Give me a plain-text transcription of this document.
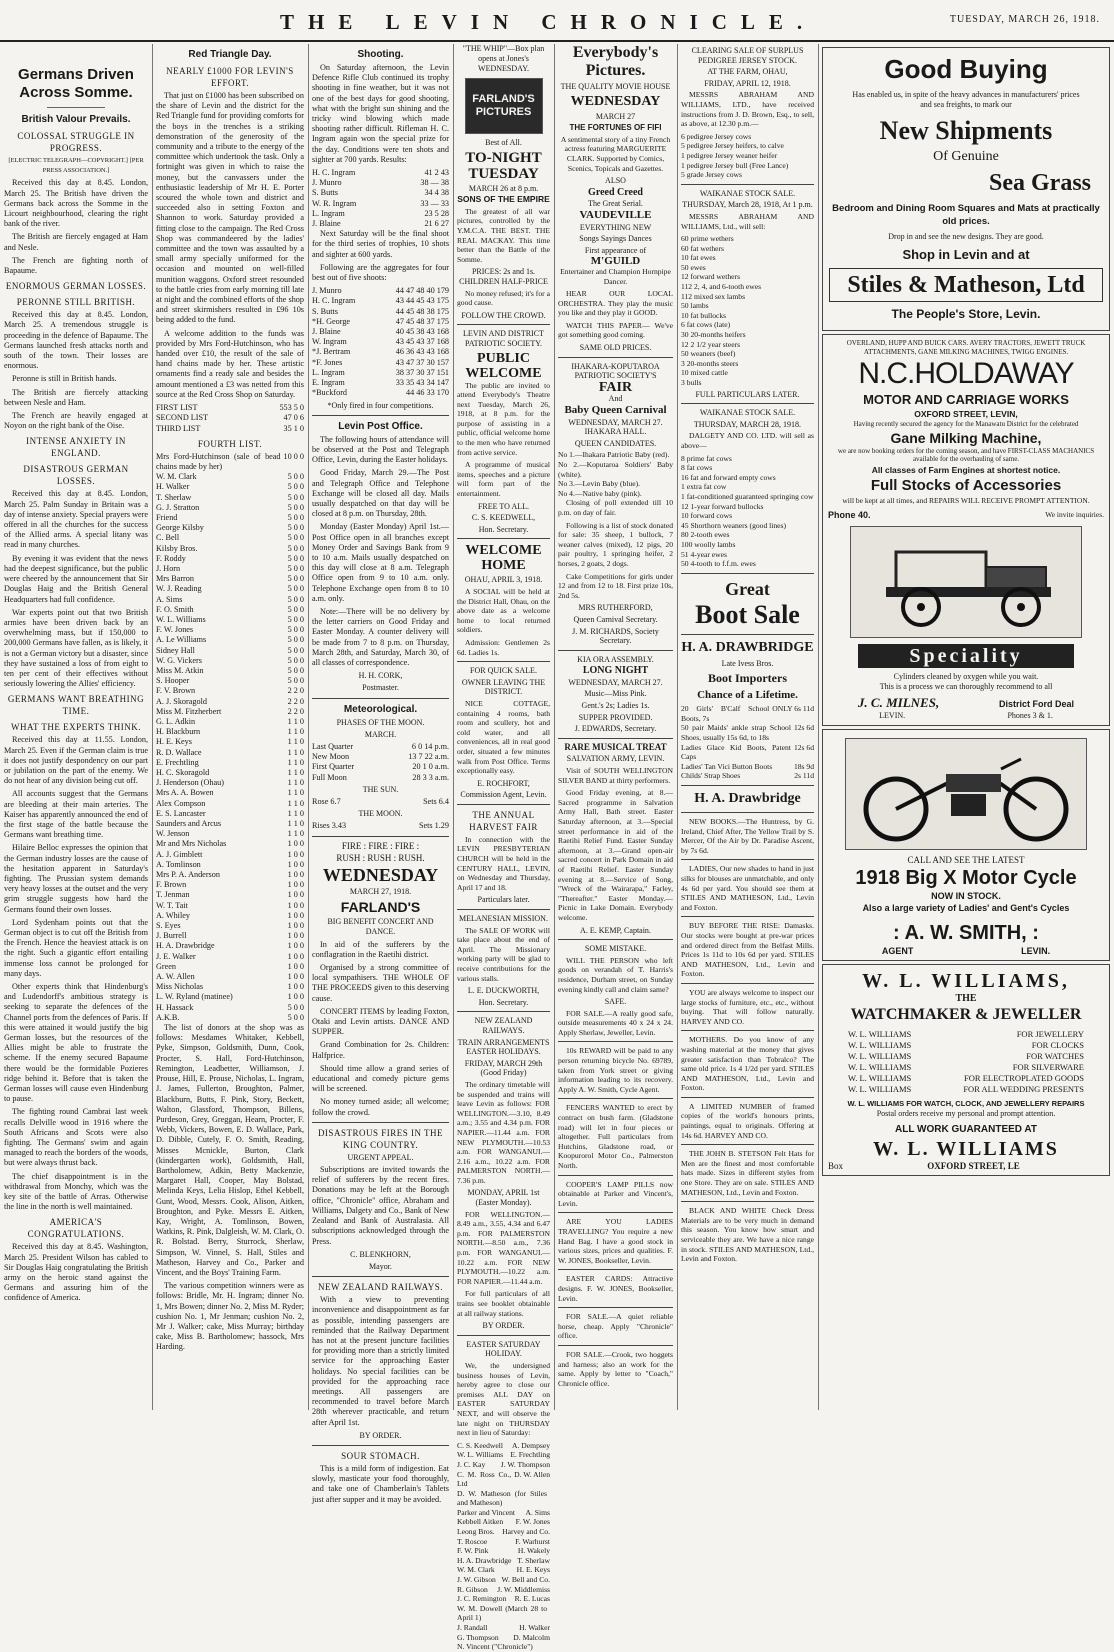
THE LEVIN CHRONICLE.	TUESDAY, MARCH 26, 1918.
Germans Driven Across Somme.
British Valour Prevails.
COLOSSAL STRUGGLE IN PROGRESS.
[ELECTRIC TELEGRAPH—COPYRIGHT.] [PER PRESS ASSOCIATION.]

Received this day at 8.45. London, March 25. The British have driven the Germans back across the Somme in the Licourt neighbourhood, clearing the right bank of the river.

The British are fiercely engaged at Ham and Nesle.

The French are fighting north of Bapaume.

ENORMOUS GERMAN LOSSES.
PERONNE STILL BRITISH.

Received this day at 8.45. London, March 25. A tremendous struggle is proceeding in the defence of Bapaume. The Germans launched fresh attacks north and south of the town. Their losses are enormous.

Peronne is still in British hands.

The British are fiercely attacking between Nesle and Ham.

The French are heavily engaged at Noyon on the right bank of the Oise.

INTENSE ANXIETY IN ENGLAND.
DISASTROUS GERMAN LOSSES.

Received this day at 8.45. London, March 25. Palm Sunday in Britain was a day of intense anxiety. Special prayers were offered in all the churches for the success of the Allied arms. A special litany was read in many churches.

By evening it was evident that the news had the deepest significance, but the public were cheered by the announcement that Sir Douglas Haig and the British General Headquarters had full confidence.

War experts point out that two British armies have been driven back by an overwhelming mass, but if 150,000 to 200,000 Germans have fallen, as is likely, it is not a German victory but a disaster, since they have sustained a loss of from eight to ten per cent of their effectives without seriously lowering the Allies' efficiency.

GERMANS WANT BREATHING TIME.
WHAT THE EXPERTS THINK.

Received this day at 11.55. London, March 25. Even if the German claim is true it does not justify despondency on our part or jubilation on the part of the enemy. We do not hear of any division being cut off.

All accounts suggest that the Germans are bleeding at their main arteries. The Kaiser has apparently announced the end of the first stage of the battle because the Germans want breathing time.

Hilaire Belloc expresses the opinion that the German industry losses are the cause of the hesitation apparent in Saturday's fighting. The Prussian system demands very heavy losses at the outset and the very grim struggle suggests how hard the Germans found their own losses.

Lord Sydenham points out that the German object is to cut off the British from the French. Hence the heaviest attack is on the right. Such a gigantic effort entailing immense loss cannot be prolonged for many days.

Other experts think that Hindenburg's and Ludendorff's ambitious strategy is seeking to separate the defences of the Channel ports from the defences of Paris. If this were attained it would justify the big German losses, but the resources of the Allies might be able to frustrate the scheme. If the enemy secured Bapaume there would be the formidable Pozieres ridge behind it. Before that is taken the German losses will cause even Hindenburg to pause.

The fighting round Cambrai last week recalls Delville wood in 1916 where the South Africans and Scots were also fighting. The Germans' swim and again managed to reach the borders of the woods, but were always thrust back.

The chief disappointment is in the withdrawal from Monchy, which was the key site of the battle of Arras. Otherwise the line in the north is well maintained.

AMERICA'S CONGRATULATIONS.

Received this day at 8.45. Washington, March 25. President Wilson has cabled to Sir Douglas Haig congratulating the British army on the heroic stand against the Germans and assuring him of the confidence of America.

Red Triangle Day.
NEARLY £1000 FOR LEVIN'S EFFORT.

That just on £1000 has been subscribed on the share of Levin and the district for the Red Triangle fund for providing comforts for the boys in the trenches is a striking demonstration of the generosity of the community and a tribute to the energy of the committee which undertook the task. Only a fortnight was given in which to raise the money, but the canvassers under the enthusiastic leadership of Mr H. E. Porter scoured the whole town and district and succeeded also in setting Foxton and Shannon to work. Saturday provided a fitting close to the campaign. The Red Cross Shop was commandeered by the ladies' committee and the town was assaulted by a small army specially uniformed for the occasion and mounted on well-filled munition waggons. Oxford street resounded to the battle cries from early morning till late at night and the combined efforts of the shop and street skirmishers resulted in £96 10s being added to the fund.

A welcome addition to the funds was provided by Mrs Ford-Hutchinson, who has handed over £10, the result of the sale of hand chains made by her. These artistic ornaments find a ready sale and besides the amount mentioned a £3 was netted from this source at the Red Cross Shop on Saturday.

FIRST LIST	553 5 0
SECOND LIST	47 0 6
THIRD LIST	35 1 0
FOURTH LIST.
Mrs Ford-Hutchinson (sale of bead chains made by her)
10 0 0
W. M. Clark	5 0 0
H. Walker	5 0 0
T. Sherlaw	5 0 0
G. J. Stratton	5 0 0
Friend	5 0 0
George Kilsby	5 0 0
C. Bell	5 0 0
Kilsby Bros.	5 0 0
F. Roddy	5 0 0
J. Horn	5 0 0
Mrs Barron	5 0 0
W. J. Reading	5 0 0
A. Sims	5 0 0
F. O. Smith	5 0 0
W. L. Williams	5 0 0
F. W. Jones	5 0 0
A. Le Williams	5 0 0
Sidney Hall	5 0 0
W. G. Vickers	5 0 0
Miss M. Atkin	5 0 0
S. Hooper	5 0 0
F. V. Brown	2 2 0
A. J. Skoragold	2 2 0
Miss M. Fitzherbert	2 2 0
G. L. Adkin	1 1 0
H. Blackburn	1 1 0
H. E. Keys	1 1 0
R. D. Wallace	1 1 0
E. Frechtling	1 1 0
H. C. Skoragold	1 1 0
J. Henderson (Ohau)	1 1 0
Mrs A. A. Bowen	1 1 0
Alex Compson	1 1 0
E. S. Lancaster	1 1 0
Saunders and Arcus	1 1 0
W. Jenson	1 1 0
Mr and Mrs Nicholas	1 0 0
A. J. Gimblett	1 0 0
A. Tomlinson	1 0 0
Mrs P. A. Anderson	1 0 0
F. Brown	1 0 0
T. Jenman	1 0 0
W. T. Tait	1 0 0
A. Whiley	1 0 0
S. Eyes	1 0 0
J. Burrell	1 0 0
H. A. Drawbridge	1 0 0
J. E. Walker	1 0 0
Green	1 0 0
A. W. Allen	1 0 0
Miss Nicholas	1 0 0
L. W. Ryland (matinee)	1 0 0
H. Hassack	5 0 0
A.K.B.	5 0 0

The list of donors at the shop was as follows: Mesdames Whitaker, Kebbell, Pyke, Simpson, Goldsmith, Dunn, Cook, Procter, S. Hall, Ford-Hutchinson, Remington, Leadbetter, Williamson, J. Prouse, Hill, E. Prouse, Nicholas, L. Ingram, J. James, Fullerton, Broughton, Palmer, Blackburn, Butts, F. Pink, Story, Beckett, Walton, Glassford, Thompson, Billens, Purdeson, Grey, Greggan, Hearn, Procter, F. Webb, Vickers, Bowen, E. D. Wallace, Park, D. Dibble, Cutely, F. O. Smith, Reading, Misses Mcnickle, Burton, Clark (kindergarten work), Goldsmith, Hall, Bartholomew, Adkin, Betty Mackenzie, Margaret Hall, Cooper, May Bolstad, Melinda Keys, Lelia Hislop, Ethel Kebbell, Gunt, Wood, Messrs. Cook, Alison, Aitken, Broughton, and Pyke. Messrs E. Aitken, Kay, Wright, A. Tomlinson, Bowen, Watkins, R. Pink, Dalgleish, W. M. Clark, O. R. Bolstad. Berry, Sturrock, Sherlaw, Simpson, W. Vinnel, S. Hall, Stiles and Matheson, Harvey and Co., Parker and Vincent, and the Boys' Training Farm.

The various competition winners were as follows: Bridle, Mr. H. Ingram; dinner No. 1, Mrs Bowen; dinner No. 2, Miss M. Ryder; cushion No. 1, Mr Jenman; cushion No. 2, Mr J. Walker; cake, Miss Murray; birthday cake, Miss B. Bartholomew; hassock, Mrs Harding.

Shooting.

On Saturday afternoon, the Levin Defence Rifle Club continued its trophy shooting in fine weather, but it was not one of the best days for good shooting, what with the bright sun shining and the tricky wind blowing which made shooting rather difficult. Rifleman H. C. Ingram again won the special prize for the day. Conditions were ten shots and sighter at 700 yards. Results:

H. C. Ingram	41 2 43
J. Munro	38 — 38
S. Butts	34 4 38
W. R. Ingram	33 — 33
L. Ingram	23 5 28
J. Blaine	21 6 27

Next Saturday will be the final shoot for the third series of trophies, 10 shots and sighter at 600 yards.

Following are the aggregates for four best out of five shoots:

J. Munro	44 47 48 40 179
H. C. Ingram	43 44 45 43 175
S. Butts	44 45 48 38 175
*H. George	47 45 48 37 175
J. Blaine	40 45 38 43 168
W. Ingram	43 45 43 37 168
*J. Bertram	46 36 43 43 168
*F. Jones	43 47 37 30 157
L. Ingram	38 37 30 37 151
E. Ingram	33 35 43 34 147
*Buckford	44 46 33 170
*Only fired in four competitions.
Levin Post Office.

The following hours of attendance will be observed at the Post and Telegraph Office, Levin, during the Easter holidays.

Good Friday, March 29.—The Post and Telegraph Office and Telephone Exchange will be closed all day. Mails usually despatched on that day will be closed at 8 p.m. on Thursday, 28th.

Monday (Easter Monday) April 1st.—Post Office open in all branches except Money Order and Savings Bank from 9 to 10 a.m. Mails usually despatched on this day will close at 8 a.m. Telegraph Office open from 9 to 10 a.m. only. Telephone Exchange open from 8 to 10 a.m. only.

Note:—There will be no delivery by the letter carriers on Good Friday and Easter Monday. A counter delivery will be made from 7 to 8 p.m. on Thursday, March 28th, and Saturday, March 30, of all classes of correspondence.

H. H. CORK,
Postmaster.
Meteorological.
PHASES OF THE MOON.
MARCH.
Last Quarter	6 0 14 p.m.
New Moon	13 7 22 a.m.
First Quarter	20 1 0 a.m.
Full Moon	28 3 3 a.m.
THE SUN.
Rose 6.7	Sets 6.4
THE MOON.
Rises 3.43	Sets 1.29
FIRE : FIRE : FIRE :
RUSH : RUSH : RUSH.
WEDNESDAY
MARCH 27, 1918.
FARLAND'S
BIG BENEFIT CONCERT AND DANCE.

In aid of the sufferers by the conflagration in the Raetihi district.

Organised by a strong committee of local sympathisers. THE WHOLE OF THE PROCEEDS given to this deserving cause.

CONCERT ITEMS by leading Foxton, Otaki and Levin artists. DANCE AND SUPPER.

Grand Combination for 2s. Children: Halfprice.

Should time allow a grand series of educational and comedy picture gems will be screened.

No money turned aside; all welcome; follow the crowd.

DISASTROUS FIRES IN THE KING COUNTRY.
URGENT APPEAL.

Subscriptions are invited towards the relief of sufferers by the recent fires. Donations may be left at the Borough office, "Chronicle" office, Abraham and Williams, Dalgety and Co., Bank of New Zealand and Bank of Australasia. All subscriptions acknowledged through the Press.

C. BLENKHORN,
Mayor.
NEW ZEALAND RAILWAYS.

With a view to preventing inconvenience and disappointment as far as possible, intending passengers are reminded that the Railway Department has not at the present juncture facilities for providing more than a strictly limited service for the approaching Easter holidays. No special facilities can be provided for the approaching race meetings. All passengers are recommended to travel before March 28th wherever practicable, and return after April 1st.

BY ORDER.
SOUR STOMACH.

This is a mild form of indigestion. Eat slowly, masticate your food thoroughly, and take one of Chamberlain's Tablets just after supper and it may be avoided.

"THE WHIP"—Box plan opens at Jones's WEDNESDAY.
FARLAND'S PICTURES
Best of All.
TO-NIGHT
TUESDAY
MARCH 26 at 8 p.m.
SONS OF THE EMPIRE

The greatest of all war pictures, controlled by the Y.M.C.A. THE BEST. THE REAL MACKAY. This time better than the Battle of the Somme.

PRICES: 2s and 1s. CHILDREN HALF-PRICE

No money refused; it's for a good cause.

FOLLOW THE CROWD.
LEVIN AND DISTRICT PATRIOTIC SOCIETY.
PUBLIC WELCOME

The public are invited to attend Everybody's Theatre next Tuesday, March 26, 1918, at 8 p.m. for the purpose of assisting in a public, official welcome home to the men who have returned from active service.

A programme of musical items, speeches and a picture will form part of the entertainment.

FREE TO ALL.
C. S. KEEDWELL,
Hon. Secretary.
WELCOME HOME
OHAU, APRIL 3, 1918.

A SOCIAL will be held at the District Hall, Ohau, on the above date as a welcome home to local returned soldiers.

Admission: Gentlemen 2s 6d. Ladies 1s.

FOR QUICK SALE.
OWNER LEAVING THE DISTRICT.

NICE COTTAGE, containing 4 rooms, bath room and scullery, hot and cold water, and all conveniences, all in real good order, situated a few minutes walk from Post Office. Terms exceptionally easy.

E. ROCHFORT,
Commission Agent, Levin.
THE ANNUAL HARVEST FAIR

In connection with the LEVIN PRESBYTERIAN CHURCH will be held in the CENTURY HALL, LEVIN, on Wednesday and Thursday, April 17 and 18.

Particulars later.
MELANESIAN MISSION.

The SALE OF WORK will take place about the end of April. The Missionary working party will be glad to receive contributions for the various stalls.

L. E. DUCKWORTH,
Hon. Secretary.
NEW ZEALAND RAILWAYS.
TRAIN ARRANGEMENTS EASTER HOLIDAYS.
FRIDAY, MARCH 29th (Good Friday)

The ordinary timetable will be suspended and trains will leave Levin as follows: FOR WELLINGTON.—3.10, 8.49 a.m.; 3.55 and 4.34 p.m. FOR NAPIER.—11.44 a.m. FOR NEW PLYMOUTH.—10.53 a.m. FOR WANGANUI.—2.16 a.m., 10.22 a.m. FOR PALMERSTON NORTH.—7.36 p.m.

MONDAY, APRIL 1st (Easter Monday).

FOR WELLINGTON.—8.49 a.m., 3.55, 4.34 and 6.47 p.m. FOR PALMERSTON NORTH.—8.50 a.m., 7.36 p.m. FOR WANGANUI.—10.22 a.m. FOR NEW PLYMOUTH.—10.22 a.m. FOR NAPIER.—11.44 a.m.

For full particulars of all trains see booklet obtainable at all railway stations.

BY ORDER.
EASTER SATURDAY HOLIDAY.

We, the undersigned business houses of Levin, hereby agree to close our premises ALL DAY on EASTER SATURDAY NEXT, and will observe the late night on THURSDAY next in lieu of Saturday:

C. S. Keedwell	A. Dempsey
W. L. Williams E. Frechtling
J. C. Kay	J. W. Thompson
C. M. Ross Co., Ltd
D. W. Allen
D. W. Matheson (for Stiles and Matheson)
Parker and Vincent	A. Sims
Kebbell Aitken	F. W. Jones
Leong Bros. Harvey and Co.
T. Roscoe	F. Warhurst
F. W. Pink	H. Wakely
H. A. Drawbridge T. Sherlaw
W. M. Clark	H. E. Keys
J. W. Gibson W. Bell and Co.
R. Gibson	J. W. Middlemiss
J. C. Remington	R. E. Lucas
W. M. Dowell (March 28 to April 1)
J. Randall	H. Walker
G. Thompson	D. Malcolm
N. Vincent ("Chronicle")
Everybody's Pictures.
THE QUALITY MOVIE HOUSE
WEDNESDAY
MARCH 27
THE FORTUNES OF FIFI

A sentimental story of a tiny French actress featuring MARGUERITE CLARK. Supported by Comics, Scenics, Topicals and Gazettes.

ALSO
Greed Creed
The Great Serial.
VAUDEVILLE
EVERYTHING NEW
Songs Sayings Dances
First appearance of
M'GUILD

Entertainer and Champion Hornpipe Dancer.

HEAR OUR LOCAL ORCHESTRA. They play the music you like and they play it GOOD.

WATCH THIS PAPER— We've got something good coming.

SAME OLD PRICES.
IHAKARA-KOPUTAROA PATRIOTIC SOCIETY'S
FAIR
And
Baby Queen Carnival
WEDNESDAY, MARCH 27. IHAKARA HALL.
QUEEN CANDIDATES.
No 1.—Ihakara Patriotic Baby (red).
No 2.—Koputaroa Soldiers' Baby (white).
No 3.—Levin Baby (blue).
No 4.—Native baby (pink).

Closing of poll extended till 10 p.m. on day of fair.

Following is a list of stock donated for sale: 35 sheep, 1 bullock, 7 weaner calves (mixed), 12 pigs, 20 pair poultry, 1 springing heifer, 2 horses, 2 goats, 2 dogs.

Cake Competitions for girls under 12 and from 12 to 18. First prize 10s, 2nd 5s.

MRS RUTHERFORD,
Queen Carnival Secretary.
J. M. RICHARDS, Society Secretary.
KIA ORA ASSEMBLY.
LONG NIGHT
WEDNESDAY, MARCH 27.
Music—Miss Pink.
Gent.'s 2s; Ladies 1s.
SUPPER PROVIDED.
J. EDWARDS, Secretary.
RARE MUSICAL TREAT
SALVATION ARMY, LEVIN.

Visit of SOUTH WELLINGTON SILVER BAND at thirty performers.

Good Friday evening, at 8.—Sacred programme in Salvation Army Hall, Bath street. Easter Saturday afternoon, at 3.—Special street performance in aid of the Raetihi Relief Fund. Easter Sunday afternoon, at 3.—Grand open-air sacred concert in Park Domain in aid of Raetihi Relief. Easter Sunday evening at 8.—Service of Song, "Wreck of the Wairarapa," Farley, "Thereafter." Easter Monday.—Picnic in Lake Domain. Everybody welcome.

A. E. KEMP, Captain.
SOME MISTAKE.

WILL THE PERSON who left goods on verandah of T. Harris's residence, Durham street, on Sunday evening kindly call and claim same?

SAFE.

FOR SALE.—A really good safe, outside measurements 40 x 24 x 24. Apply Sherlaw, Jeweller, Levin.

10s REWARD will be paid to any person returning bicycle No. 69789, taken from York street or giving information leading to its recovery. Apply A. W. Smith, Cycle Agent.

FENCERS WANTED to erect by contract on bush farm. (Gladstone road) will let in four pieces or altogether. Full particulars from Hutchins, Gladstone road, or Koopurorol Motor Co., Palmerston North.

COOPER'S LAMP PILLS now obtainable at Parker and Vincent's, Levin.

ARE YOU LADIES TRAVELLING? You require a new Hand Bag. I have a good stock in various sizes, prices and qualities. F. W. JONES, Bookseller, Levin.

EASTER CARDS: Attractive designs. F. W. JONES, Bookseller, Levin.

FOR SALE.—A quiet reliable horse, cheap. Apply "Chronicle" office.

FOR SALE.—Crook, two hoggets and harness; also an work for the same. Apply by letter to "Coach," Chronicle office.

CLEARING SALE OF SURPLUS PEDIGREE JERSEY STOCK.
AT THE FARM, OHAU,
FRIDAY, APRIL 12, 1918.

MESSRS ABRAHAM AND WILLIAMS, LTD., have received instructions from J. D. Brown, Esq., to sell, as above, at 12.30 p.m.—

6 pedigree Jersey cows
5 pedigree Jersey heifers, to calve
1 pedigree Jersey weaner heifer
1 pedigree Jersey bull (Free Lance)
5 grade Jersey cows
WAIKANAE STOCK SALE.
THURSDAY, March 28, 1918, At 1 p.m.

MESSRS ABRAHAM AND WILLIAMS, Ltd., will sell:

60 prime wethers
60 fat wethers
10 fat ewes
50 ewes
12 forward wethers
112 2, 4, and 6-tooth ewes
112 mixed sex lambs
50 lambs
10 fat bullocks
6 fat cows (late)
30 20-months heifers
12 2 1/2 year steers
50 weaners (beef)
3 20-months steers
10 mixed cattle
3 bulls
FULL PARTICULARS LATER.
WAIKANAE STOCK SALE.
THURSDAY, MARCH 28, 1918.

DALGETY AND CO. LTD. will sell as above—

8 prime fat cows
8 fat cows
16 fat and forward empty cows
1 extra fat cow
1 fat-conditioned guaranteed springing cow
12 1-year forward bullocks
10 forward cows
45 Shorthorn weaners (good lines)
80 2-tooth ewes
100 woolly lambs
51 4-year ewes
50 4-tooth to f.f.m. ewes
Great
Boot Sale
H. A. DRAWBRIDGE
Late Ivess Bros.
Boot Importers
Chance of a Lifetime.
20 Girls' B'Calf School Boots, 7s
ONLY 6s 11d
50 pair Maids' ankle strap School Shoes, usually 15s 6d, to 18s
12s 6d
Ladies Glace Kid Boots, Patent Caps
12s 6d
Ladies' Tan Vici Button Boots	18s 9d
Childs' Strap Shoes	2s 11d
H. A. Drawbridge

NEW BOOKS.—The Huntress, by G. Ireland, Chief After, The Yellow Trail by S. Mercer, Of the Air by Dr. Paradise Ascent, by 7s 6d.

LADIES, Our new shades to hand in just silks for blouses are unmatchable, and only 4s 6d per yard. You should see them at STILES AND MATHESON, Ltd., Levin and Foxton.

BUY BEFORE THE RISE: Damasks. Our stocks were bought at pre-war prices and ordered direct from the Belfast Mills. Prices 1s 11d to 10s 6d per yard. STILES AND MATHESON, Ltd., Levin and Foxton.

YOU are always welcome to inspect our large stocks of furniture, etc., etc., without buying. That will follow naturally. HARVEY AND CO.

MOTHERS. Do you know of any washing material at the money that gives greater satisfaction than Tobralco? The same old price. 1s 4 1/2d per yard. STILES AND MATHESON, Ltd., Levin and Foxton.

A LIMITED NUMBER of framed copies of the world's honours prints, paintings, equal to originals. Offering at 14s 6d. HARVEY AND CO.

THE JOHN B. STETSON Felt Hats for Men are the finest and most comfortable hats made. Sizes in different styles from one Store. They are on sale. STILES AND MATHESON, Ltd., Levin and Foxton.

BLACK AND WHITE Check Dress Materials are to be very much in demand this season. You know how smart and serviceable they are. We have a nice range in stock. STILES AND MATHESON, Ltd., Levin and Foxton.

Good Buying
Has enabled us, in spite of the heavy advances in manufacturers' prices and sea freights, to mark our
New Shipments
Of Genuine
Sea Grass
Bedroom and Dining Room Squares and Mats at practically old prices.
Drop in and see the new designs. They are good.
Shop in Levin and at
Stiles & Matheson, Ltd
The People's Store, Levin.
OVERLAND, HUPP AND BUICK CARS. AVERY TRACTORS, JEWETT TRUCK ATTACHMENTS, GANE MILKING MACHINES, TWIGG ENGINES.
N.C.HOLDAWAY
MOTOR AND CARRIAGE WORKS
OXFORD STREET, LEVIN,
Having recently secured the agency for the Manawatu District for the celebrated
Gane Milking Machine,
we are now booking orders for the coming season, and have FIRST-CLASS MACHANICS available for the overhauling of same.
All classes of Farm Engines at shortest notice.
Full Stocks of Accessories
will be kept at all times, and REPAIRS WILL RECEIVE PROMPT ATTENTION.
Phone 40.	We invite inquiries.
Speciality
Cylinders cleaned by oxygen while you wait.
This is a process we can thoroughly recommend to all
J. C. MILNES,	District Ford Deal
LEVIN.	Phones 3 & 1.
CALL AND SEE THE LATEST
1918 Big X Motor Cycle
NOW IN STOCK.
Also a large variety of Ladies' and Gent's Cycles
: A. W. SMITH, :
AGENT	LEVIN.
W. L. WILLIAMS,
THE
WATCHMAKER & JEWELLER
W. L. WILLIAMS	FOR JEWELLERY
W. L. WILLIAMS	FOR CLOCKS
W. L. WILLIAMS	FOR WATCHES
W. L. WILLIAMS	FOR SILVERWARE
W. L. WILLIAMS	FOR ELECTROPLATED GOODS
W. L. WILLIAMS	FOR ALL WEDDING PRESENTS
W. L. WILLIAMS FOR WATCH, CLOCK, AND JEWELLERY REPAIRS
Postal orders receive my personal and prompt attention.
ALL WORK GUARANTEED AT
W. L. WILLIAMS
Box	OXFORD STREET, LE
